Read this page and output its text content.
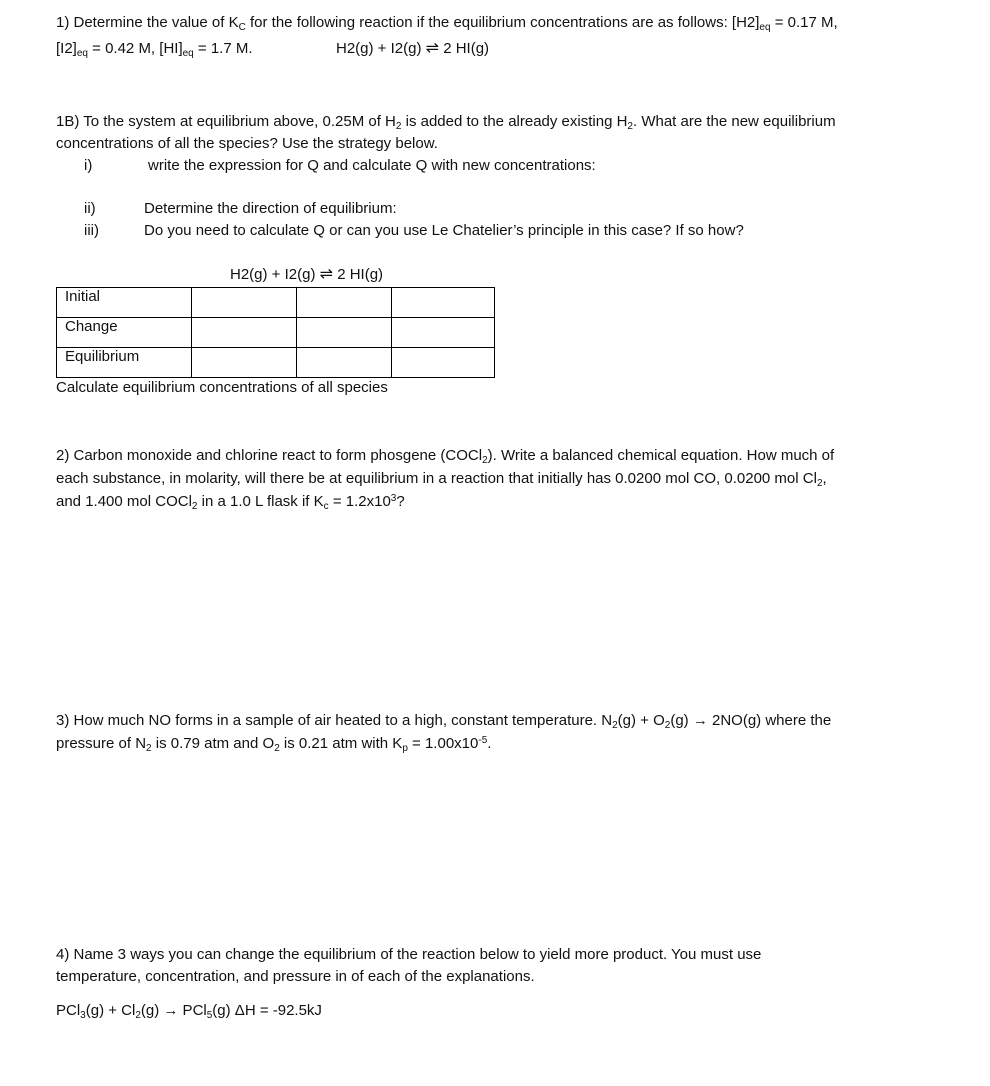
1) Determine the value of $K_C$ for the following reaction if the equilibrium concentrations are as follows: $[H2]_{eq} = 0.17$ M,
$[I2]_{eq} = 0.42$ M, $[HI]_{eq} = 1.7$ M.	H2(g) + I2(g) ⇌ 2 HI(g)
1B) To the system at equilibrium above, 0.25M of $H_2$ is added to the already existing $H_2$. What are the new equilibrium
concentrations of all the species? Use the strategy below.
i)	write the expression for Q and calculate Q with new concentrations:
ii)	Determine the direction of equilibrium:
iii)	Do you need to calculate Q or can you use Le Chatelier’s principle in this case? If so how?
H2(g) + I2(g) ⇌ 2 HI(g)
Initial			
Change			
Equilibrium			
Calculate equilibrium concentrations of all species
2) Carbon monoxide and chlorine react to form phosgene (COCl$_2$). Write a balanced chemical equation. How much of
each substance, in molarity, will there be at equilibrium in a reaction that initially has 0.0200 mol CO, 0.0200 mol $Cl_2$,
and 1.400 mol COCl$_2$ in a 1.0 L flask if $K_c = 1.2x10^3$?
3) How much NO forms in a sample of air heated to a high, constant temperature. $N_2(g) + O_2(g) \to 2NO(g)$ where the
pressure of $N_2$ is 0.79 atm and $O_2$ is 0.21 atm with $K_p = 1.00x10^{-5}$.
4) Name 3 ways you can change the equilibrium of the reaction below to yield more product. You must use
temperature, concentration, and pressure in of each of the explanations.
$PCl_3(g) + Cl_2(g) \to PCl_5(g) \Delta H = -92.5kJ$
